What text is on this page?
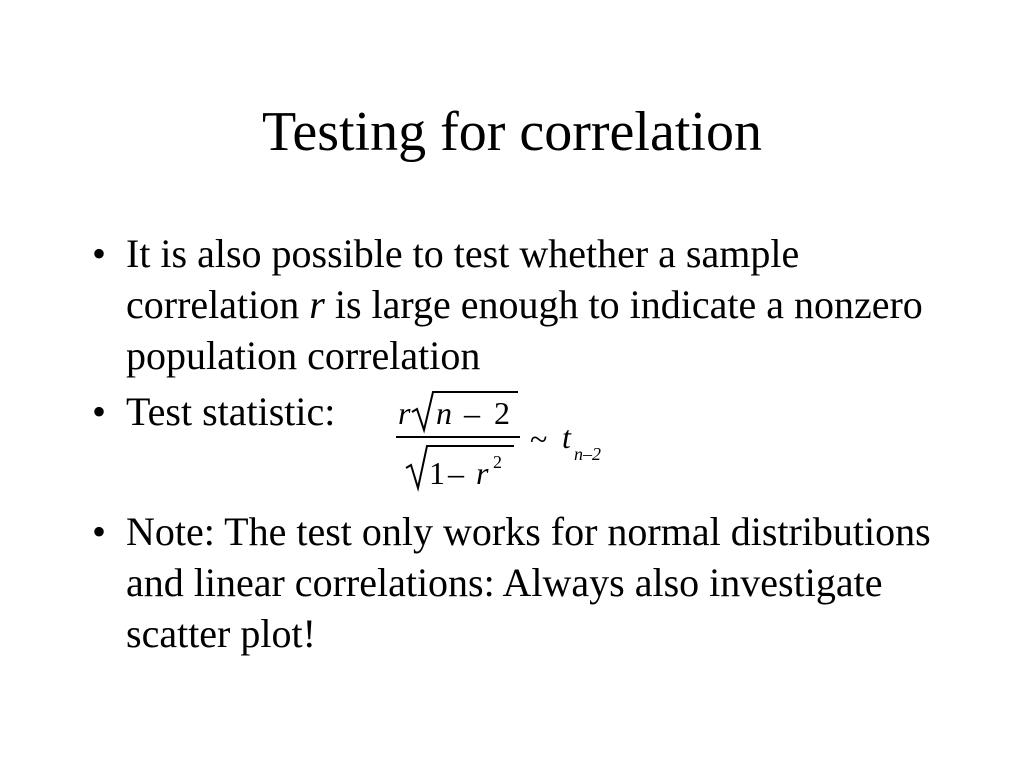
Testing for correlation
• It is also possible to test whether a sample correlation r is large enough to indicate a nonzero population correlation
• Test statistic:
• Note: The test only works for normal distributions and linear correlations: Always also investigate scatter plot!
r n – 2
1 – r 2
~ t n–2
